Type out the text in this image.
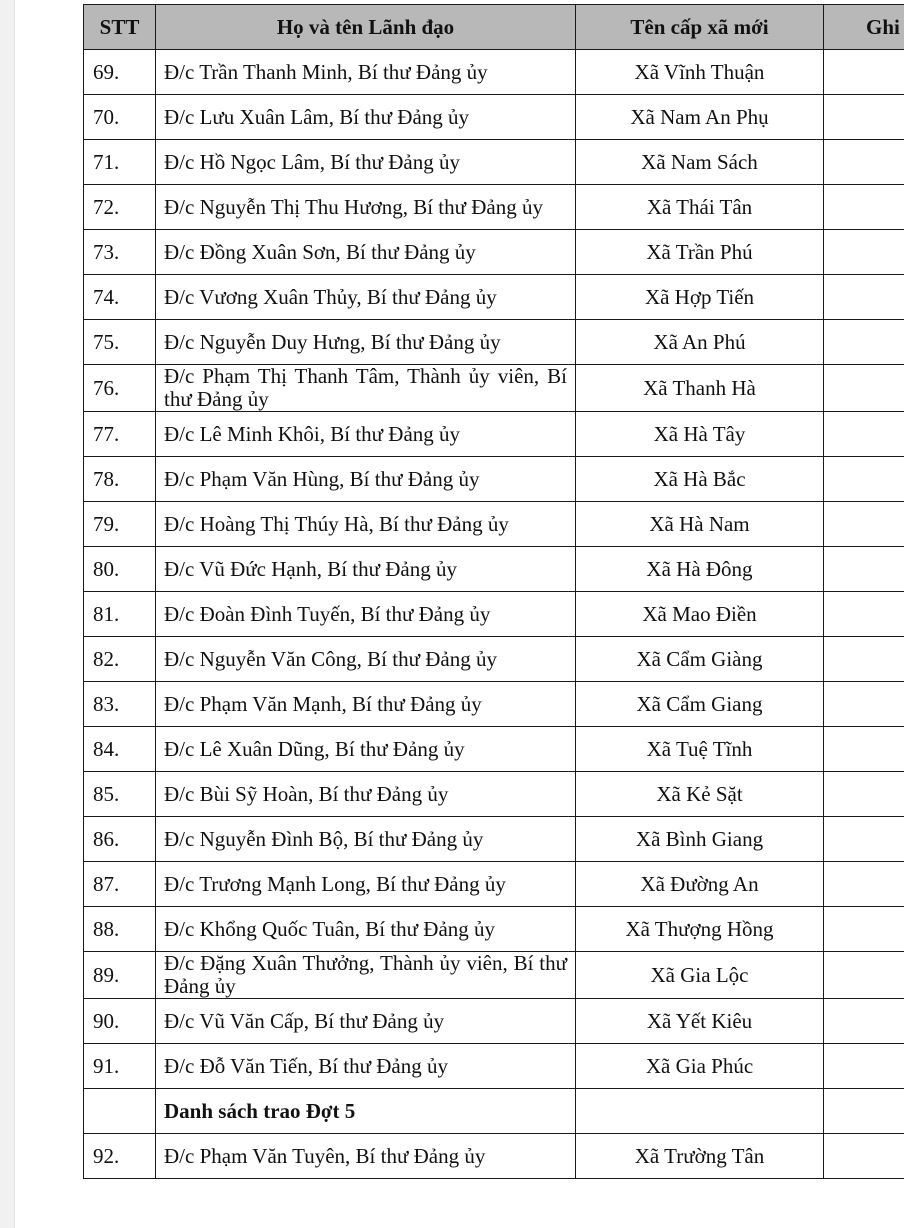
STT	Họ và tên Lãnh đạo	Tên cấp xã mới	Ghi
69.	Đ/c Trần Thanh Minh, Bí thư Đảng ủy	Xã Vĩnh Thuận	
70.	Đ/c Lưu Xuân Lâm, Bí thư Đảng ủy	Xã Nam An Phụ	
71.	Đ/c Hồ Ngọc Lâm, Bí thư Đảng ủy	Xã Nam Sách	
72.	Đ/c Nguyễn Thị Thu Hương, Bí thư Đảng ủy	Xã Thái Tân	
73.	Đ/c Đồng Xuân Sơn, Bí thư Đảng ủy	Xã Trần Phú	
74.	Đ/c Vương Xuân Thủy, Bí thư Đảng ủy	Xã Hợp Tiến	
75.	Đ/c Nguyễn Duy Hưng, Bí thư Đảng ủy	Xã An Phú	
76.	Đ/c Phạm Thị Thanh Tâm, Thành ủy viên, Bí thư Đảng ủy	Xã Thanh Hà	
77.	Đ/c Lê Minh Khôi, Bí thư Đảng ủy	Xã Hà Tây	
78.	Đ/c Phạm Văn Hùng, Bí thư Đảng ủy	Xã Hà Bắc	
79.	Đ/c Hoàng Thị Thúy Hà, Bí thư Đảng ủy	Xã Hà Nam	
80.	Đ/c Vũ Đức Hạnh, Bí thư Đảng ủy	Xã Hà Đông	
81.	Đ/c Đoàn Đình Tuyến, Bí thư Đảng ủy	Xã Mao Điền	
82.	Đ/c Nguyễn Văn Công, Bí thư Đảng ủy	Xã Cẩm Giàng	
83.	Đ/c Phạm Văn Mạnh, Bí thư Đảng ủy	Xã Cẩm Giang	
84.	Đ/c Lê Xuân Dũng, Bí thư Đảng ủy	Xã Tuệ Tĩnh	
85.	Đ/c Bùi Sỹ Hoàn, Bí thư Đảng ủy	Xã Kẻ Sặt	
86.	Đ/c Nguyễn Đình Bộ, Bí thư Đảng ủy	Xã Bình Giang	
87.	Đ/c Trương Mạnh Long, Bí thư Đảng ủy	Xã Đường An	
88.	Đ/c Khổng Quốc Tuân, Bí thư Đảng ủy	Xã Thượng Hồng	
89.	Đ/c Đặng Xuân Thưởng, Thành ủy viên, Bí thư Đảng ủy	Xã Gia Lộc	
90.	Đ/c Vũ Văn Cấp, Bí thư Đảng ủy	Xã Yết Kiêu	
91.	Đ/c Đỗ Văn Tiến, Bí thư Đảng ủy	Xã Gia Phúc	
	Danh sách trao Đợt 5		
92.	Đ/c Phạm Văn Tuyên, Bí thư Đảng ủy	Xã Trường Tân	
